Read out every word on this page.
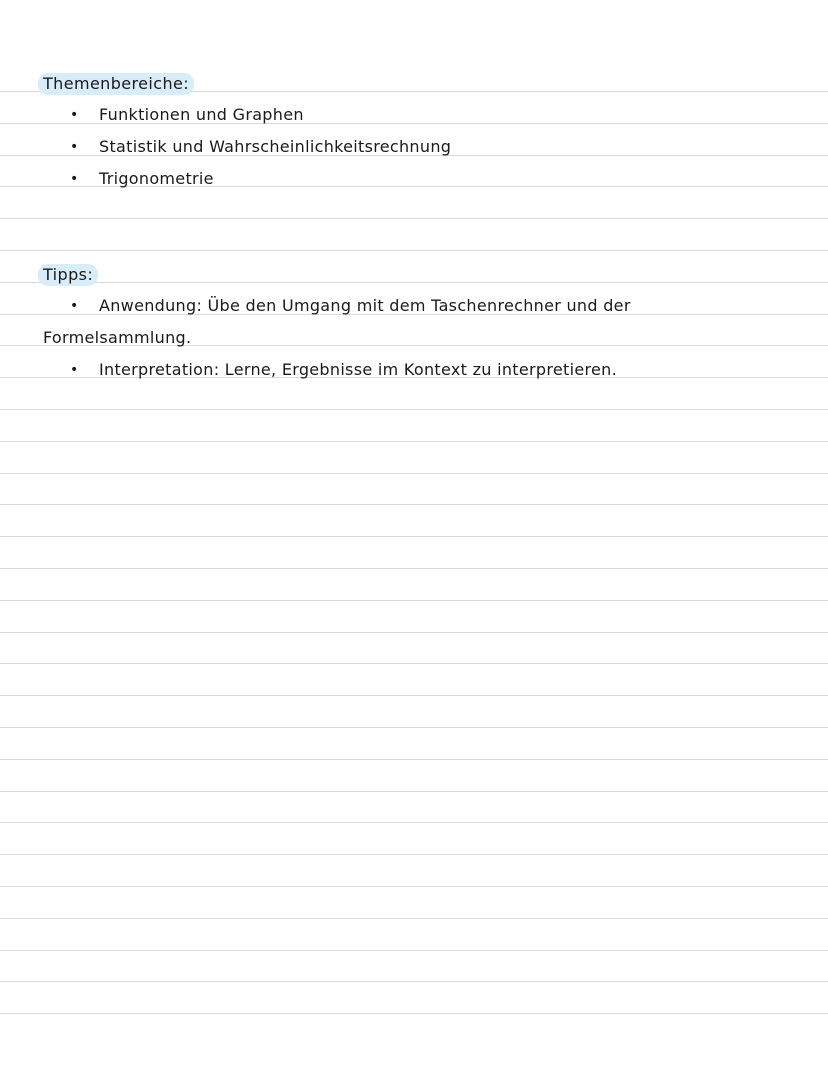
Themenbereiche:
• Funktionen und Graphen
• Statistik und Wahrscheinlichkeitsrechnung
• Trigonometrie
Tipps:
• Anwendung: Übe den Umgang mit dem Taschenrechner und der
Formelsammlung.
• Interpretation: Lerne, Ergebnisse im Kontext zu interpretieren.
